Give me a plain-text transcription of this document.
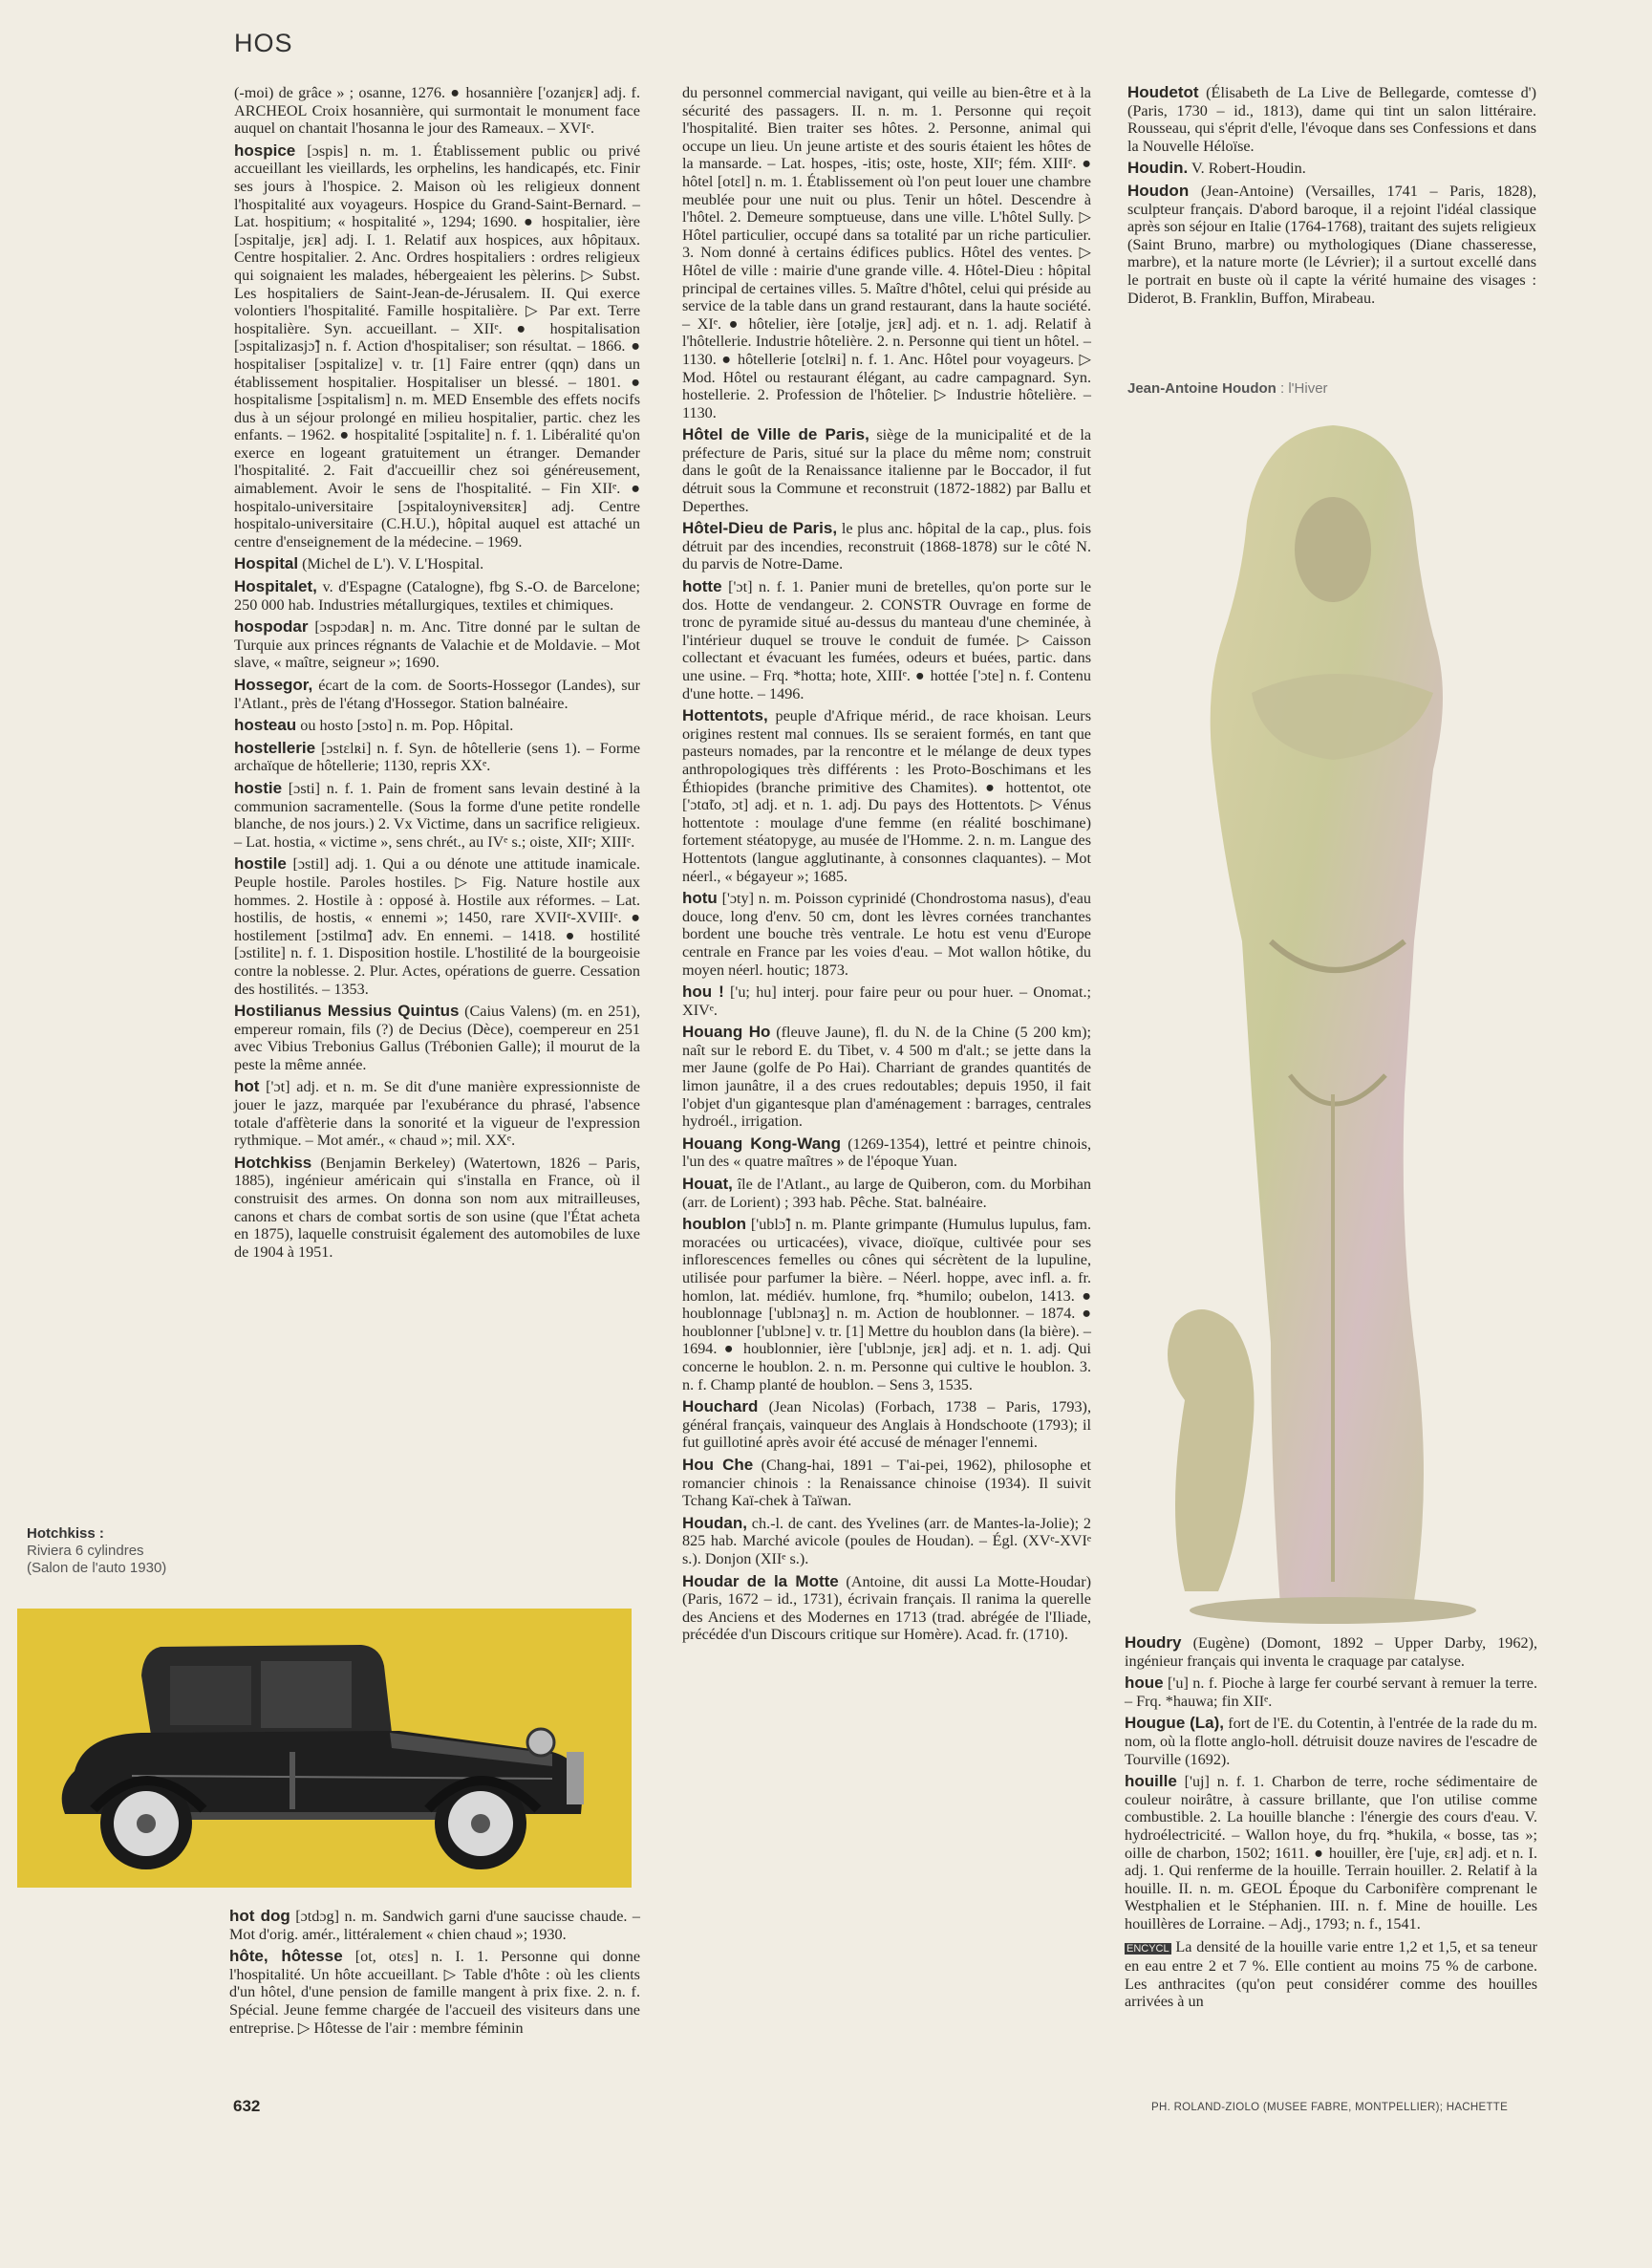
HOS
(-moi) de grâce » ; osanne, 1276. ● hosannière ['ozanjɛʀ] adj. f. ARCHEOL Croix hosannière, qui surmontait le monument face auquel on chantait l'hosanna le jour des Rameaux. – XVIᵉ.
hospice [ɔspis] n. m. 1. Établissement public ou privé accueillant les vieillards, les orphelins, les handicapés, etc. Finir ses jours à l'hospice. 2. Maison où les religieux donnent l'hospitalité aux voyageurs. Hospice du Grand-Saint-Bernard. – Lat. hospitium; « hospitalité », 1294; 1690. ● hospitalier, ière [ɔspitalje, jɛʀ] adj. I. 1. Relatif aux hospices, aux hôpitaux. Centre hospitalier. 2. Anc. Ordres hospitaliers : ordres religieux qui soignaient les malades, hébergeaient les pèlerins. ▷ Subst. Les hospitaliers de Saint-Jean-de-Jérusalem. II. Qui exerce volontiers l'hospitalité. Famille hospitalière. ▷ Par ext. Terre hospitalière. Syn. accueillant. – XIIᵉ. ● hospitalisation [ɔspitalizasjɔ̃] n. f. Action d'hospitaliser; son résultat. – 1866. ● hospitaliser [ɔspitalize] v. tr. [1] Faire entrer (qqn) dans un établissement hospitalier. Hospitaliser un blessé. – 1801. ● hospitalisme [ɔspitalism] n. m. MED Ensemble des effets nocifs dus à un séjour prolongé en milieu hospitalier, partic. chez les enfants. – 1962. ● hospitalité [ɔspitalite] n. f. 1. Libéralité qu'on exerce en logeant gratuitement un étranger. Demander l'hospitalité. 2. Fait d'accueillir chez soi généreusement, aimablement. Avoir le sens de l'hospitalité. – Fin XIIᵉ. ● hospitalo-universitaire [ɔspitaloyniveʀsitɛʀ] adj. Centre hospitalo-universitaire (C.H.U.), hôpital auquel est attaché un centre d'enseignement de la médecine. – 1969.
Hospital (Michel de L'). V. L'Hospital.
Hospitalet, v. d'Espagne (Catalogne), fbg S.-O. de Barcelone; 250 000 hab. Industries métallurgiques, textiles et chimiques.
hospodar [ɔspɔdaʀ] n. m. Anc. Titre donné par le sultan de Turquie aux princes régnants de Valachie et de Moldavie. – Mot slave, « maître, seigneur »; 1690.
Hossegor, écart de la com. de Soorts-Hossegor (Landes), sur l'Atlant., près de l'étang d'Hossegor. Station balnéaire.
hosteau ou hosto [ɔsto] n. m. Pop. Hôpital.
hostellerie [ɔstɛlʀi] n. f. Syn. de hôtellerie (sens 1). – Forme archaïque de hôtellerie; 1130, repris XXᵉ.
hostie [ɔsti] n. f. 1. Pain de froment sans levain destiné à la communion sacramentelle. (Sous la forme d'une petite rondelle blanche, de nos jours.) 2. Vx Victime, dans un sacrifice religieux. – Lat. hostia, « victime », sens chrét., au IVᵉ s.; oiste, XIIᵉ; XIIIᵉ.
hostile [ɔstil] adj. 1. Qui a ou dénote une attitude inamicale. Peuple hostile. Paroles hostiles. ▷ Fig. Nature hostile aux hommes. 2. Hostile à : opposé à. Hostile aux réformes. – Lat. hostilis, de hostis, « ennemi »; 1450, rare XVIIᵉ-XVIIIᵉ. ● hostilement [ɔstilmɑ̃] adv. En ennemi. – 1418. ● hostilité [ɔstilite] n. f. 1. Disposition hostile. L'hostilité de la bourgeoisie contre la noblesse. 2. Plur. Actes, opérations de guerre. Cessation des hostilités. – 1353.
Hostilianus Messius Quintus (Caius Valens) (m. en 251), empereur romain, fils (?) de Decius (Dèce), coempereur en 251 avec Vibius Trebonius Gallus (Trébonien Galle); il mourut de la peste la même année.
hot ['ɔt] adj. et n. m. Se dit d'une manière expressionniste de jouer le jazz, marquée par l'exubérance du phrasé, l'absence totale d'affèterie dans la sonorité et la vigueur de l'expression rythmique. – Mot amér., « chaud »; mil. XXᵉ.
Hotchkiss (Benjamin Berkeley) (Watertown, 1826 – Paris, 1885), ingénieur américain qui s'installa en France, où il construisit des armes. On donna son nom aux mitrailleuses, canons et chars de combat sortis de son usine (que l'État acheta en 1875), laquelle construisit également des automobiles de luxe de 1904 à 1951.
du personnel commercial navigant, qui veille au bien-être et à la sécurité des passagers. II. n. m. 1. Personne qui reçoit l'hospitalité. Bien traiter ses hôtes. 2. Personne, animal qui occupe un lieu. Un jeune artiste et des souris étaient les hôtes de la mansarde. – Lat. hospes, -itis; oste, hoste, XIIᵉ; fém. XIIIᵉ. ● hôtel [otɛl] n. m. 1. Établissement où l'on peut louer une chambre meublée pour une nuit ou plus. Tenir un hôtel. Descendre à l'hôtel. 2. Demeure somptueuse, dans une ville. L'hôtel Sully. ▷ Hôtel particulier, occupé dans sa totalité par un riche particulier. 3. Nom donné à certains édifices publics. Hôtel des ventes. ▷ Hôtel de ville : mairie d'une grande ville. 4. Hôtel-Dieu : hôpital principal de certaines villes. 5. Maître d'hôtel, celui qui préside au service de la table dans un grand restaurant, dans la haute société. – XIᵉ. ● hôtelier, ière [otəlje, jɛʀ] adj. et n. 1. adj. Relatif à l'hôtellerie. Industrie hôtelière. 2. n. Personne qui tient un hôtel. – 1130. ● hôtellerie [otɛlʀi] n. f. 1. Anc. Hôtel pour voyageurs. ▷ Mod. Hôtel ou restaurant élégant, au cadre campagnard. Syn. hostellerie. 2. Profession de l'hôtelier. ▷ Industrie hôtelière. – 1130.
Hôtel de Ville de Paris, siège de la municipalité et de la préfecture de Paris, situé sur la place du même nom; construit dans le goût de la Renaissance italienne par le Boccador, il fut détruit sous la Commune et reconstruit (1872-1882) par Ballu et Deperthes.
Hôtel-Dieu de Paris, le plus anc. hôpital de la cap., plus. fois détruit par des incendies, reconstruit (1868-1878) sur le côté N. du parvis de Notre-Dame.
hotte ['ɔt] n. f. 1. Panier muni de bretelles, qu'on porte sur le dos. Hotte de vendangeur. 2. CONSTR Ouvrage en forme de tronc de pyramide situé au-dessus du manteau d'une cheminée, à l'intérieur duquel se trouve le conduit de fumée. ▷ Caisson collectant et évacuant les fumées, odeurs et buées, partic. dans une usine. – Frq. *hotta; hote, XIIIᵉ. ● hottée ['ɔte] n. f. Contenu d'une hotte. – 1496.
Hottentots, peuple d'Afrique mérid., de race khoisan. Leurs origines restent mal connues. Ils se seraient formés, en tant que pasteurs nomades, par la rencontre et le mélange de deux types anthropologiques très différents : les Proto-Boschimans et les Éthiopides (branche primitive des Chamites). ● hottentot, ote ['ɔtɑ̃to, ɔt] adj. et n. 1. adj. Du pays des Hottentots. ▷ Vénus hottentote : moulage d'une femme (en réalité boschimane) fortement stéatopyge, au musée de l'Homme. 2. n. m. Langue des Hottentots (langue agglutinante, à consonnes claquantes). – Mot néerl., « bégayeur »; 1685.
hotu ['ɔty] n. m. Poisson cyprinidé (Chondrostoma nasus), d'eau douce, long d'env. 50 cm, dont les lèvres cornées tranchantes bordent une bouche très ventrale. Le hotu est venu d'Europe centrale en France par les voies d'eau. – Mot wallon hôtike, du moyen néerl. houtic; 1873.
hou ! ['u; hu] interj. pour faire peur ou pour huer. – Onomat.; XIVᵉ.
Houang Ho (fleuve Jaune), fl. du N. de la Chine (5 200 km); naît sur le rebord E. du Tibet, v. 4 500 m d'alt.; se jette dans la mer Jaune (golfe de Po Hai). Charriant de grandes quantités de limon jaunâtre, il a des crues redoutables; depuis 1950, il fait l'objet d'un gigantesque plan d'aménagement : barrages, centrales hydroél., irrigation.
Houang Kong-Wang (1269-1354), lettré et peintre chinois, l'un des « quatre maîtres » de l'époque Yuan.
Houat, île de l'Atlant., au large de Quiberon, com. du Morbihan (arr. de Lorient) ; 393 hab. Pêche. Stat. balnéaire.
houblon ['ublɔ̃] n. m. Plante grimpante (Humulus lupulus, fam. moracées ou urticacées), vivace, dioïque, cultivée pour ses inflorescences femelles ou cônes qui sécrètent de la lupuline, utilisée pour parfumer la bière. – Néerl. hoppe, avec infl. a. fr. homlon, lat. médiév. humlone, frq. *humilo; oubelon, 1413. ● houblonnage ['ublɔnaʒ] n. m. Action de houblonner. – 1874. ● houblonner ['ublɔne] v. tr. [1] Mettre du houblon dans (la bière). – 1694. ● houblonnier, ière ['ublɔnje, jɛʀ] adj. et n. 1. adj. Qui concerne le houblon. 2. n. m. Personne qui cultive le houblon. 3. n. f. Champ planté de houblon. – Sens 3, 1535.
Houchard (Jean Nicolas) (Forbach, 1738 – Paris, 1793), général français, vainqueur des Anglais à Hondschoote (1793); il fut guillotiné après avoir été accusé de ménager l'ennemi.
Hou Che (Chang-hai, 1891 – T'ai-pei, 1962), philosophe et romancier chinois : la Renaissance chinoise (1934). Il suivit Tchang Kaï-chek à Taïwan.
Houdan, ch.-l. de cant. des Yvelines (arr. de Mantes-la-Jolie); 2 825 hab. Marché avicole (poules de Houdan). – Égl. (XVᵉ-XVIᵉ s.). Donjon (XIIᵉ s.).
Houdar de la Motte (Antoine, dit aussi La Motte-Houdar) (Paris, 1672 – id., 1731), écrivain français. Il ranima la querelle des Anciens et des Modernes en 1713 (trad. abrégée de l'Iliade, précédée d'un Discours critique sur Homère). Acad. fr. (1710).
Houdetot (Élisabeth de La Live de Bellegarde, comtesse d') (Paris, 1730 – id., 1813), dame qui tint un salon littéraire. Rousseau, qui s'éprit d'elle, l'évoque dans ses Confessions et dans la Nouvelle Héloïse.
Houdin. V. Robert-Houdin.
Houdon (Jean-Antoine) (Versailles, 1741 – Paris, 1828), sculpteur français. D'abord baroque, il a rejoint l'idéal classique après son séjour en Italie (1764-1768), traitant des sujets religieux (Saint Bruno, marbre) ou mythologiques (Diane chasseresse, marbre), et la nature morte (le Lévrier); il a surtout excellé dans le portrait en buste où il capte la vérité humaine des visages : Diderot, B. Franklin, Buffon, Mirabeau.
Hotchkiss :
Riviera 6 cylindres
(Salon de l'auto 1930)
hot dog [ɔtdɔg] n. m. Sandwich garni d'une saucisse chaude. – Mot d'orig. amér., littéralement « chien chaud »; 1930.
hôte, hôtesse [ot, otɛs] n. I. 1. Personne qui donne l'hospitalité. Un hôte accueillant. ▷ Table d'hôte : où les clients d'un hôtel, d'une pension de famille mangent à prix fixe. 2. n. f. Spécial. Jeune femme chargée de l'accueil des visiteurs dans une entreprise. ▷ Hôtesse de l'air : membre féminin
Jean-Antoine Houdon : l'Hiver
Houdry (Eugène) (Domont, 1892 – Upper Darby, 1962), ingénieur français qui inventa le craquage par catalyse.
houe ['u] n. f. Pioche à large fer courbé servant à remuer la terre. – Frq. *hauwa; fin XIIᵉ.
Hougue (La), fort de l'E. du Cotentin, à l'entrée de la rade du m. nom, où la flotte anglo-holl. détruisit douze navires de l'escadre de Tourville (1692).
houille ['uj] n. f. 1. Charbon de terre, roche sédimentaire de couleur noirâtre, à cassure brillante, que l'on utilise comme combustible. 2. La houille blanche : l'énergie des cours d'eau. V. hydroélectricité. – Wallon hoye, du frq. *hukila, « bosse, tas »; oille de charbon, 1502; 1611. ● houiller, ère ['uje, ɛʀ] adj. et n. I. adj. 1. Qui renferme de la houille. Terrain houiller. 2. Relatif à la houille. II. n. m. GEOL Époque du Carbonifère comprenant le Westphalien et le Stéphanien. III. n. f. Mine de houille. Les houillères de Lorraine. – Adj., 1793; n. f., 1541.
ENCYCL La densité de la houille varie entre 1,2 et 1,5, et sa teneur en eau entre 2 et 7 %. Elle contient au moins 75 % de carbone. Les anthracites (qu'on peut considérer comme des houilles arrivées à un
632	PH. ROLAND-ZIOLO (MUSEE FABRE, MONTPELLIER); HACHETTE
